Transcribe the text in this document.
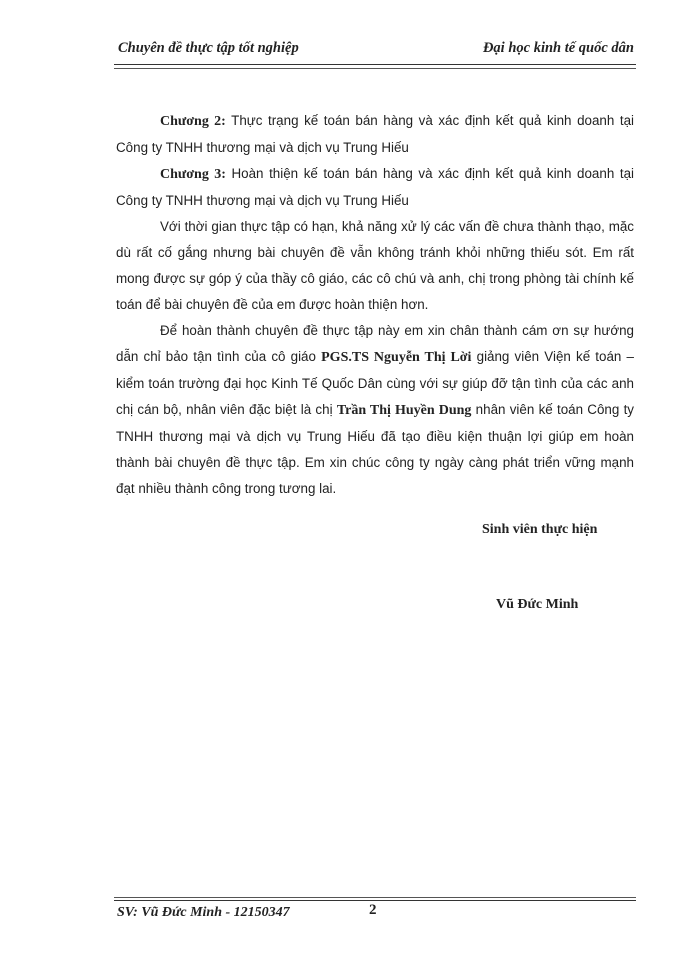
Chuyên đề thực tập tốt nghiệp	Đại học kinh tế quốc dân

Chương 2: Thực trạng kế toán bán hàng và xác định kết quả kinh doanh tại Công ty TNHH thương mại và dịch vụ Trung Hiếu

Chương 3: Hoàn thiện kế toán bán hàng và xác định kết quả kinh doanh tại Công ty TNHH thương mại và dịch vụ Trung Hiếu

Với thời gian thực tập có hạn, khả năng xử lý các vấn đề chưa thành thạo, mặc dù rất cố gắng nhưng bài chuyên đề vẫn không tránh khỏi những thiếu sót. Em rất mong được sự góp ý của thầy cô giáo, các cô chú và anh, chị trong phòng tài chính kế toán để bài chuyên đề của em được hoàn thiện hơn.

Để hoàn thành chuyên đề thực tập này em xin chân thành cám ơn sự hướng dẫn chỉ bảo tận tình của cô giáo PGS.TS Nguyễn Thị Lời giảng viên Viện kế toán – kiểm toán trường đại học Kinh Tế Quốc Dân cùng với sự giúp đỡ tận tình của các anh chị cán bộ, nhân viên đặc biệt là chị Trần Thị Huyền Dung nhân viên kế toán Công ty TNHH thương mại và dịch vụ Trung Hiếu đã tạo điều kiện thuận lợi giúp em hoàn thành bài chuyên đề thực tập. Em xin chúc công ty ngày càng phát triển vững mạnh đạt nhiều thành công trong tương lai.

Sinh viên thực hiện
Vũ Đức Minh
SV: Vũ Đức Minh - 12150347	2
